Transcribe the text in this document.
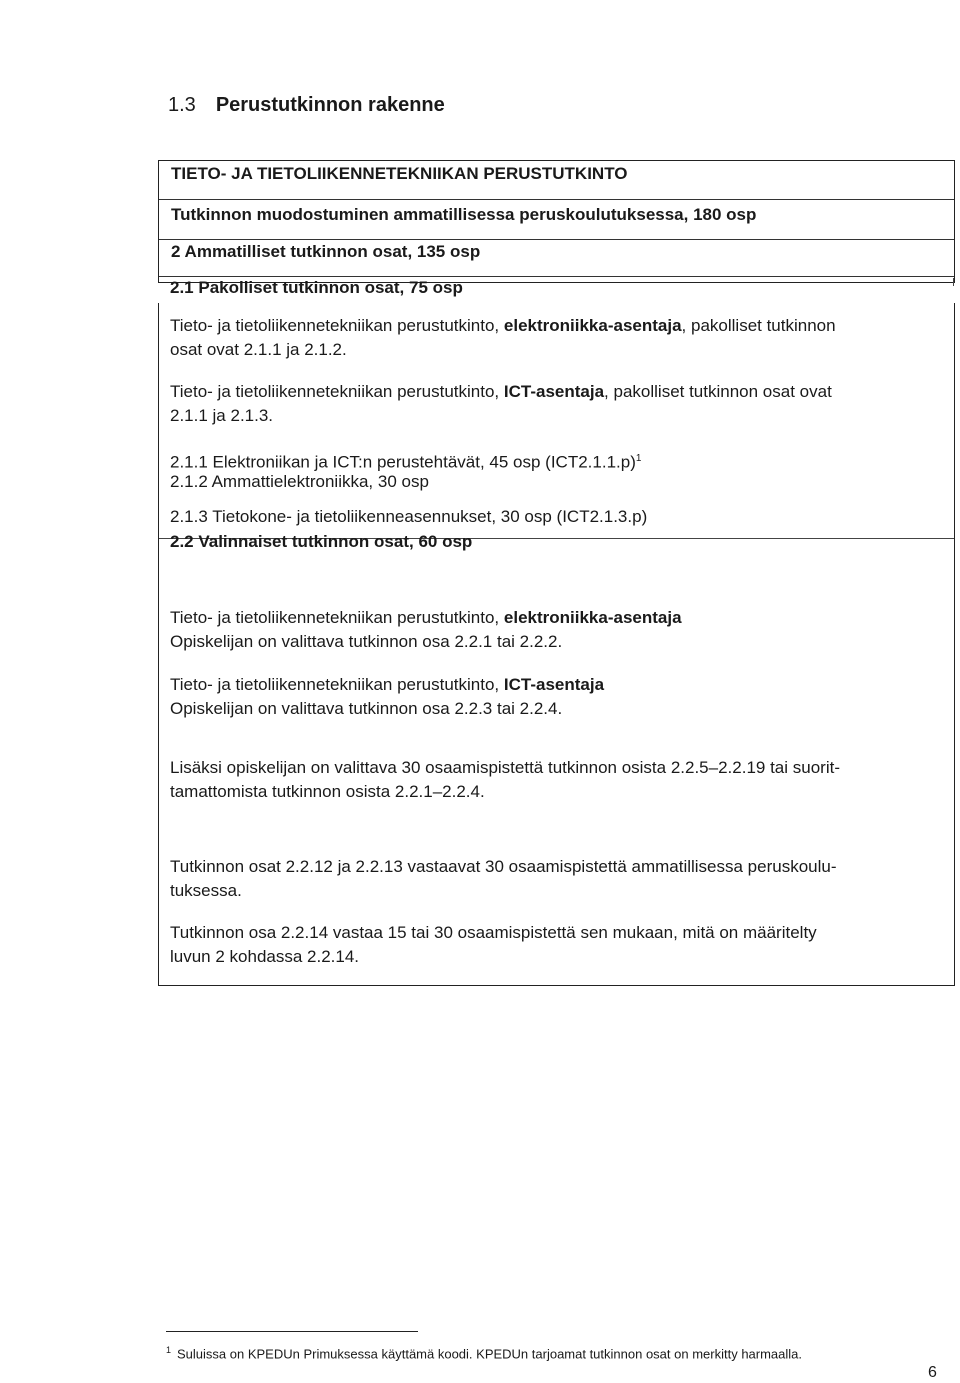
1.3 Perustutkinnon rakenne
TIETO- JA TIETOLIIKENNETEKNIIKAN PERUSTUTKINTO
Tutkinnon muodostuminen ammatillisessa peruskoulutuksessa, 180 osp
2 Ammatilliset tutkinnon osat, 135 osp
2.1 Pakolliset tutkinnon osat, 75 osp
Tieto- ja tietoliikennetekniikan perustutkinto, elektroniikka-asentaja, pakolliset tutkinnon
osat ovat 2.1.1 ja 2.1.2.
Tieto- ja tietoliikennetekniikan perustutkinto, ICT-asentaja, pakolliset tutkinnon osat ovat
2.1.1 ja 2.1.3.
2.1.1 Elektroniikan ja ICT:n perustehtävät, 45 osp $(ICT2.1.1.p)^1$
2.1.2 Ammattielektroniikka, 30 osp
2.1.3 Tietokone- ja tietoliikenneasennukset, 30 osp (ICT2.1.3.p)
2.2 Valinnaiset tutkinnon osat, 60 osp
Tieto- ja tietoliikennetekniikan perustutkinto, elektroniikka-asentaja
Opiskelijan on valittava tutkinnon osa 2.2.1 tai 2.2.2.
Tieto- ja tietoliikennetekniikan perustutkinto, ICT-asentaja
Opiskelijan on valittava tutkinnon osa 2.2.3 tai 2.2.4.
Lisäksi opiskelijan on valittava 30 osaamispistettä tutkinnon osista 2.2.5–2.2.19 tai suorit-
tamattomista tutkinnon osista 2.2.1–2.2.4.
Tutkinnon osat 2.2.12 ja 2.2.13 vastaavat 30 osaamispistettä ammatillisessa peruskoulu-
tuksessa.
Tutkinnon osa 2.2.14 vastaa 15 tai 30 osaamispistettä sen mukaan, mitä on määritelty
luvun 2 kohdassa 2.2.14.
$^1$ Suluissa on KPEDUn Primuksessa käyttämä koodi. KPEDUn tarjoamat tutkinnon osat on merkitty harmaalla.
6
